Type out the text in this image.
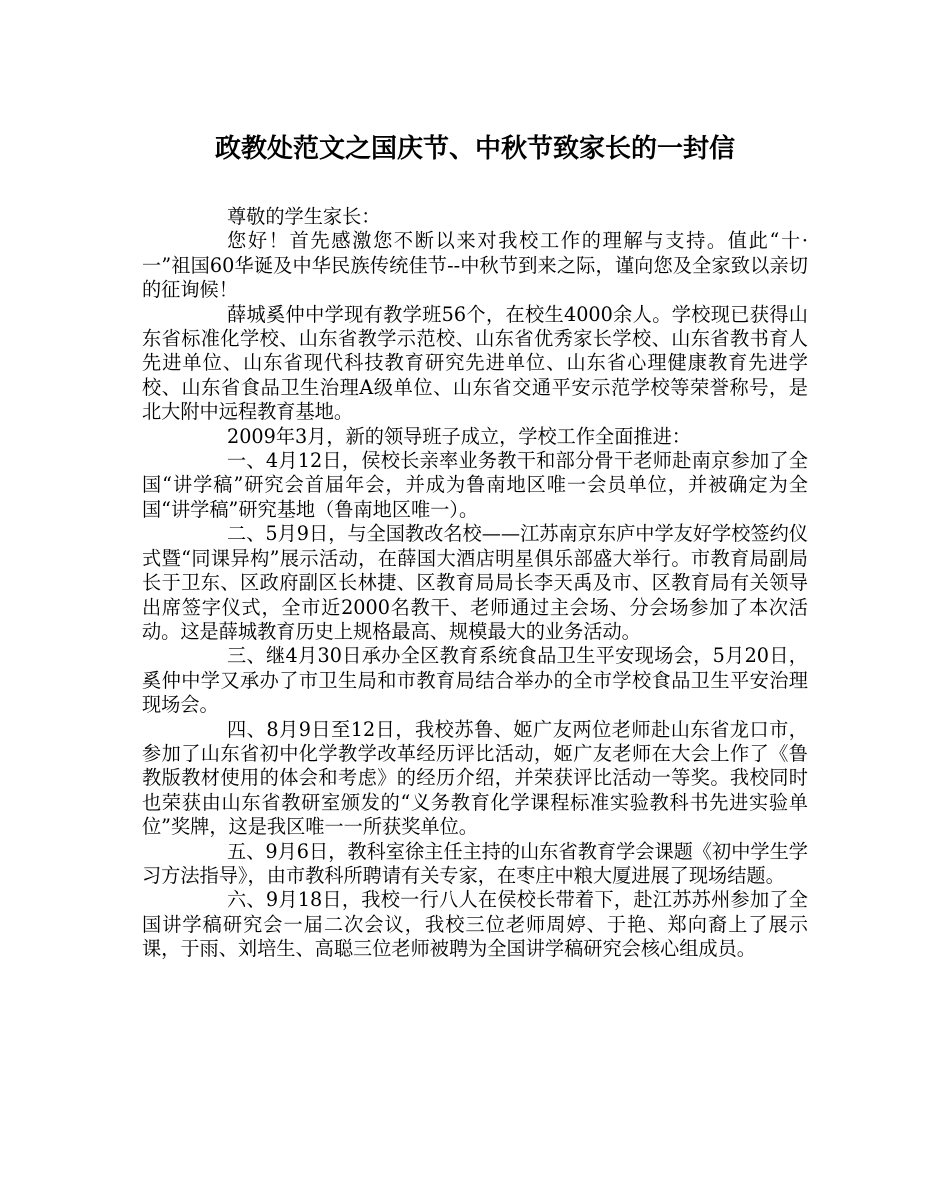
政教处范文之国庆节、中秋节致家长的一封信

尊敬的学生家长：

您好！首先感激您不断以来对我校工作的理解与支持。值此“十·一”祖国60华诞及中华民族传统佳节--中秋节到来之际，谨向您及全家致以亲切的征询候！

薛城奚仲中学现有教学班56个，在校生4000余人。学校现已获得山东省标准化学校、山东省教学示范校、山东省优秀家长学校、山东省教书育人先进单位、山东省现代科技教育研究先进单位、山东省心理健康教育先进学校、山东省食品卫生治理A级单位、山东省交通平安示范学校等荣誉称号，是北大附中远程教育基地。

2009年3月，新的领导班子成立，学校工作全面推进：

一、4月12日，侯校长亲率业务教干和部分骨干老师赴南京参加了全国“讲学稿”研究会首届年会，并成为鲁南地区唯一会员单位，并被确定为全国“讲学稿”研究基地（鲁南地区唯一）。

二、5月9日，与全国教改名校——江苏南京东庐中学友好学校签约仪式暨“同课异构”展示活动，在薛国大酒店明星俱乐部盛大举行。市教育局副局长于卫东、区政府副区长林捷、区教育局局长李天禹及市、区教育局有关领导出席签字仪式，全市近2000名教干、老师通过主会场、分会场参加了本次活动。这是薛城教育历史上规格最高、规模最大的业务活动。

三、继4月30日承办全区教育系统食品卫生平安现场会，5月20日，奚仲中学又承办了市卫生局和市教育局结合举办的全市学校食品卫生平安治理现场会。

四、8月9日至12日，我校苏鲁、姬广友两位老师赴山东省龙口市，参加了山东省初中化学教学改革经历评比活动，姬广友老师在大会上作了《鲁教版教材使用的体会和考虑》的经历介绍，并荣获评比活动一等奖。我校同时也荣获由山东省教研室颁发的“义务教育化学课程标准实验教科书先进实验单位”奖牌，这是我区唯一一所获奖单位。

五、9月6日，教科室徐主任主持的山东省教育学会课题《初中学生学习方法指导》，由市教科所聘请有关专家，在枣庄中粮大厦进展了现场结题。

六、9月18日，我校一行八人在侯校长带着下，赴江苏苏州参加了全国讲学稿研究会一届二次会议，我校三位老师周婷、于艳、郑向裔上了展示课，于雨、刘培生、高聪三位老师被聘为全国讲学稿研究会核心组成员。
